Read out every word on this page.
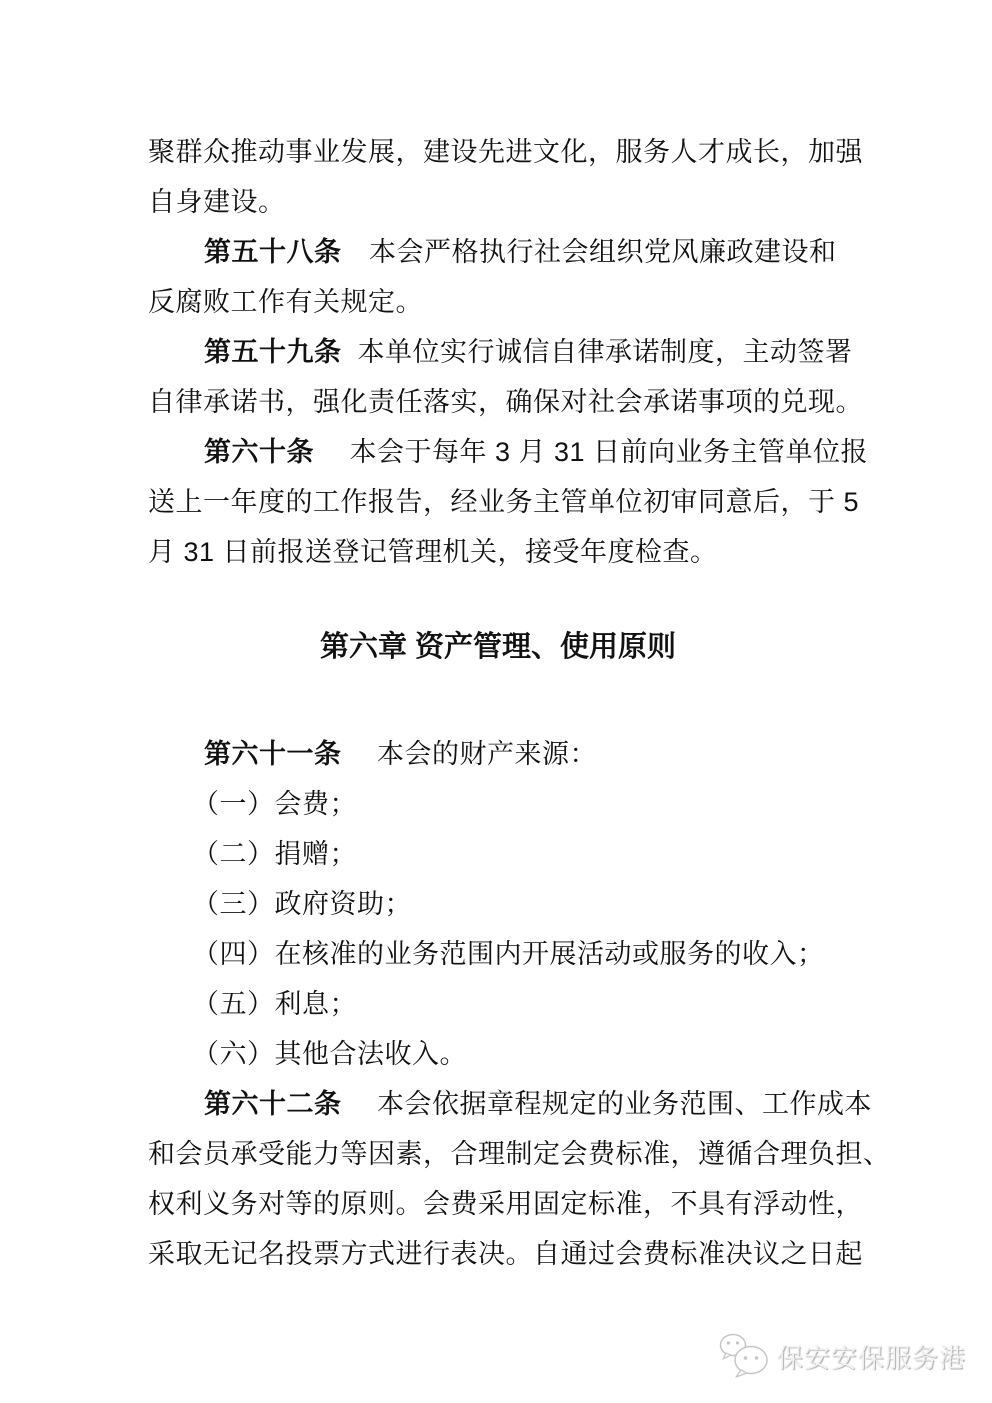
聚群众推动事业发展，建设先进文化，服务人才成长，加强
自身建设。
第五十八条　本会严格执行社会组织党风廉政建设和
反腐败工作有关规定。
第五十九条  本单位实行诚信自律承诺制度，主动签署
自律承诺书，强化责任落实，确保对社会承诺事项的兑现。
第六十条　 本会于每年 3 月 31 日前向业务主管单位报
送上一年度的工作报告，经业务主管单位初审同意后，于 5
月 31 日前报送登记管理机关，接受年度检查。
第六章 资产管理、使用原则
第六十一条　 本会的财产来源：
（一）会费；
（二）捐赠；
（三）政府资助；
（四）在核准的业务范围内开展活动或服务的收入；
（五）利息；
（六）其他合法收入。
第六十二条　 本会依据章程规定的业务范围、工作成本
和会员承受能力等因素，合理制定会费标准，遵循合理负担、
权利义务对等的原则。会费采用固定标准，不具有浮动性，
采取无记名投票方式进行表决。自通过会费标准决议之日起
保安安保服务港
